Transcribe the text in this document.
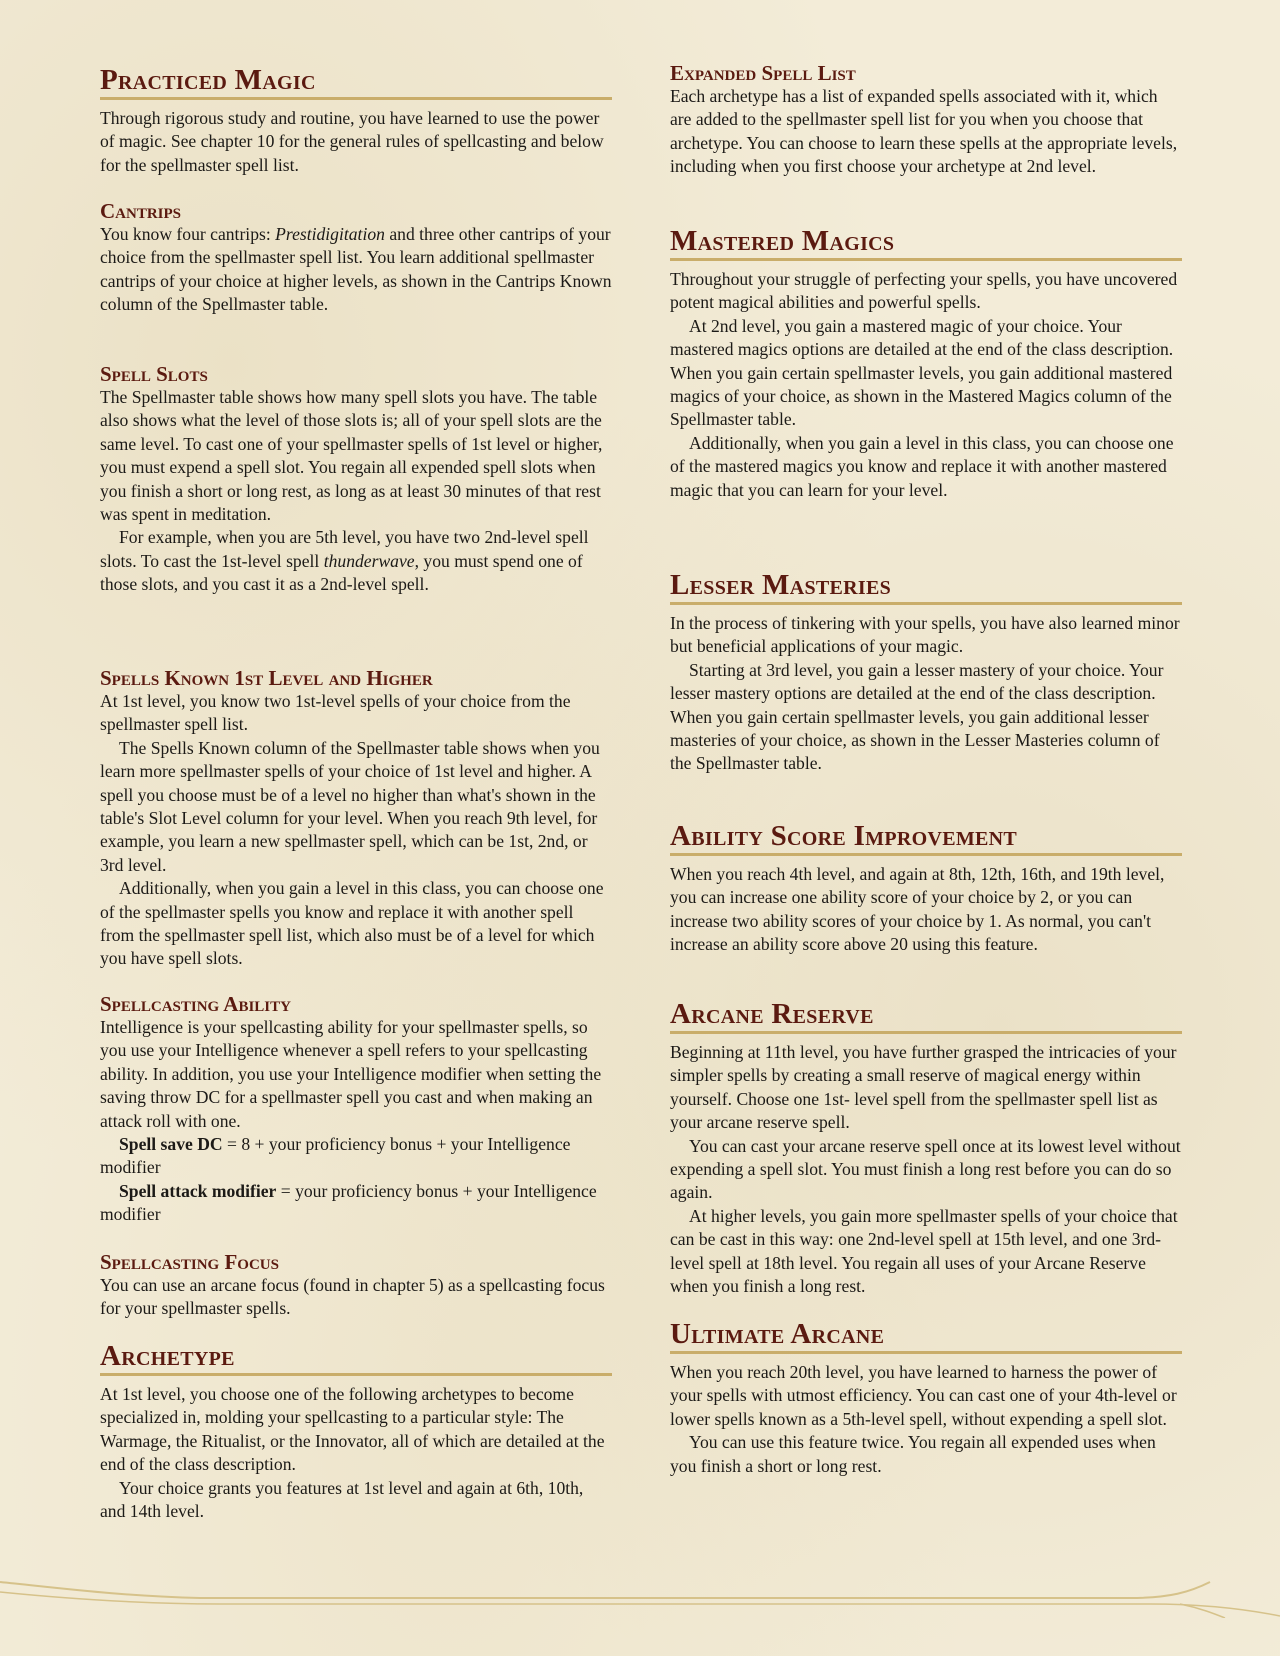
Practiced Magic

Through rigorous study and routine, you have learned to use the power of magic. See chapter 10 for the general rules of spellcasting and below for the spellmaster spell list.

Cantrips

You know four cantrips: Prestidigitation and three other cantrips of your choice from the spellmaster spell list. You learn additional spellmaster cantrips of your choice at higher levels, as shown in the Cantrips Known column of the Spellmaster table.

Spell Slots

The Spellmaster table shows how many spell slots you have. The table also shows what the level of those slots is; all of your spell slots are the same level. To cast one of your spellmaster spells of 1st level or higher, you must expend a spell slot. You regain all expended spell slots when you finish a short or long rest, as long as at least 30 minutes of that rest was spent in meditation.

For example, when you are 5th level, you have two 2nd-level spell slots. To cast the 1st-level spell thunderwave, you must spend one of those slots, and you cast it as a 2nd-level spell.

Spells Known 1st Level and Higher

At 1st level, you know two 1st-level spells of your choice from the spellmaster spell list.

The Spells Known column of the Spellmaster table shows when you learn more spellmaster spells of your choice of 1st level and higher. A spell you choose must be of a level no higher than what's shown in the table's Slot Level column for your level. When you reach 9th level, for example, you learn a new spellmaster spell, which can be 1st, 2nd, or 3rd level.

Additionally, when you gain a level in this class, you can choose one of the spellmaster spells you know and replace it with another spell from the spellmaster spell list, which also must be of a level for which you have spell slots.

Spellcasting Ability

Intelligence is your spellcasting ability for your spellmaster spells, so you use your Intelligence whenever a spell refers to your spellcasting ability. In addition, you use your Intelligence modifier when setting the saving throw DC for a spellmaster spell you cast and when making an attack roll with one.

Spell save DC = 8 + your proficiency bonus + your Intelligence modifier

Spell attack modifier = your proficiency bonus + your Intelligence modifier

Spellcasting Focus

You can use an arcane focus (found in chapter 5) as a spellcasting focus for your spellmaster spells.

Archetype

At 1st level, you choose one of the following archetypes to become specialized in, molding your spellcasting to a particular style: The Warmage, the Ritualist, or the Innovator, all of which are detailed at the end of the class description.

Your choice grants you features at 1st level and again at 6th, 10th, and 14th level.

Expanded Spell List

Each archetype has a list of expanded spells associated with it, which are added to the spellmaster spell list for you when you choose that archetype. You can choose to learn these spells at the appropriate levels, including when you first choose your archetype at 2nd level.

Mastered Magics

Throughout your struggle of perfecting your spells, you have uncovered potent magical abilities and powerful spells.

At 2nd level, you gain a mastered magic of your choice. Your mastered magics options are detailed at the end of the class description. When you gain certain spellmaster levels, you gain additional mastered magics of your choice, as shown in the Mastered Magics column of the Spellmaster table.

Additionally, when you gain a level in this class, you can choose one of the mastered magics you know and replace it with another mastered magic that you can learn for your level.

Lesser Masteries

In the process of tinkering with your spells, you have also learned minor but beneficial applications of your magic.

Starting at 3rd level, you gain a lesser mastery of your choice. Your lesser mastery options are detailed at the end of the class description. When you gain certain spellmaster levels, you gain additional lesser masteries of your choice, as shown in the Lesser Masteries column of the Spellmaster table.

Ability Score Improvement

When you reach 4th level, and again at 8th, 12th, 16th, and 19th level, you can increase one ability score of your choice by 2, or you can increase two ability scores of your choice by 1. As normal, you can't increase an ability score above 20 using this feature.

Arcane Reserve

Beginning at 11th level, you have further grasped the intricacies of your simpler spells by creating a small reserve of magical energy within yourself. Choose one 1st- level spell from the spellmaster spell list as your arcane reserve spell.

You can cast your arcane reserve spell once at its lowest level without expending a spell slot. You must finish a long rest before you can do so again.

At higher levels, you gain more spellmaster spells of your choice that can be cast in this way: one 2nd-level spell at 15th level, and one 3rd-level spell at 18th level. You regain all uses of your Arcane Reserve when you finish a long rest.

Ultimate Arcane

When you reach 20th level, you have learned to harness the power of your spells with utmost efficiency. You can cast one of your 4th-level or lower spells known as a 5th-level spell, without expending a spell slot.

You can use this feature twice. You regain all expended uses when you finish a short or long rest.
